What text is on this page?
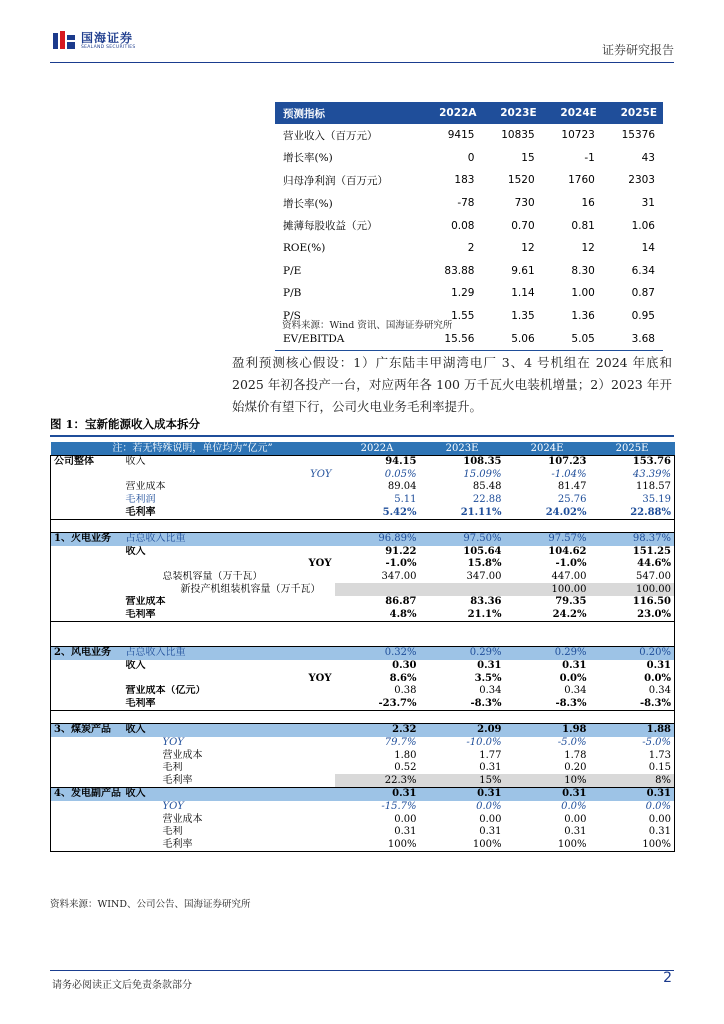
国海证券
SEALAND SECURITIES	证券研究报告
预测指标	2022A	2023E	2024E	2025E
营业收入（百万元）	9415	10835	10723	15376
增长率(%)	0	15	-1	43
归母净利润（百万元）	183	1520	1760	2303
增长率(%)	-78	730	16	31
摊薄每股收益（元）	0.08	0.70	0.81	1.06
ROE(%)	2	12	12	14
P/E	83.88	9.61	8.30	6.34
P/B	1.29	1.14	1.00	0.87
P/S	1.55	1.35	1.36	0.95
EV/EBITDA	15.56	5.06	5.05	3.68
资料来源：Wind 资讯、国海证券研究所
盈利预测核心假设：1）广东陆丰甲湖湾电厂 3、4 号机组在 2024 年底和 2025 年初各投产一台，对应两年各 100 万千瓦火电装机增量；2）2023 年开始煤价有望下行，公司火电业务毛利率提升。
图 1：宝新能源收入成本拆分
注：若无特殊说明，单位均为“亿元”		2022A	2023E	2024E	2025E
公司整体	收入	94.15	108.35	107.23	153.76
	YOY	0.05%	15.09%	-1.04%	43.39%
	营业成本	89.04	85.48	81.47	118.57
	毛利润	5.11	22.88	25.76	35.19
	毛利率	5.42%	21.11%	24.02%	22.88%

1、火电业务	占总收入比重	96.89%	97.50%	97.57%	98.37%
	收入	91.22	105.64	104.62	151.25
	YOY	-1.0%	15.8%	-1.0%	44.6%
	总装机容量（万千瓦）	347.00	347.00	447.00	547.00
	新投产机组装机容量（万千瓦）			100.00	100.00
	营业成本	86.87	83.36	79.35	116.50
	毛利率	4.8%	21.1%	24.2%	23.0%

2、风电业务	占总收入比重	0.32%	0.29%	0.29%	0.20%
	收入	0.30	0.31	0.31	0.31
	YOY	8.6%	3.5%	0.0%	0.0%
	营业成本（亿元）	0.38	0.34	0.34	0.34
	毛利率	-23.7%	-8.3%	-8.3%	-8.3%

3、煤炭产品	收入	2.32	2.09	1.98	1.88
	YOY	79.7%	-10.0%	-5.0%	-5.0%
	营业成本	1.80	1.77	1.78	1.73
	毛利	0.52	0.31	0.20	0.15
	毛利率	22.3%	15%	10%	8%
4、发电副产品	收入	0.31	0.31	0.31	0.31
	YOY	-15.7%	0.0%	0.0%	0.0%
	营业成本	0.00	0.00	0.00	0.00
	毛利	0.31	0.31	0.31	0.31
	毛利率	100%	100%	100%	100%
资料来源：WIND、公司公告、国海证券研究所
请务必阅读正文后免责条款部分	2
